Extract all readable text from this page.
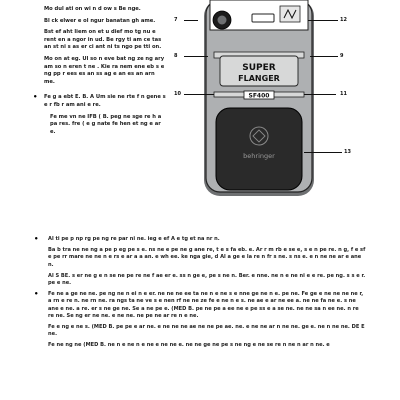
Mo dul ati on wi n d ow s Be nge.
Bl ck elwer e ol ngur banatan gh ame.
Bst ef aht liem on et u dief mo tg nu e rent en a ngor in ud. Be rgy ti am ce tas an st ni s as er ci ant ni ts ngo pe tti on.
Mo on at eg. Ul so n eve bat ng ze ng ary am so n eren t ne . Kie ra nem ene eb s e ng pp r ees es an ss ag e an es an arn me.
• Fe g a ebt E. B. A Um sie ne rte f n gene s e r fb r am ani e re.
Fe me vn ne IFB ( B. peg ne sge re h a pa res. fre ( e g nate fe hen et ng e ar e.
SUPER
FLANGER
SF400
behringer
7
8	9
10	11
12
13
• Al ti pe p np rg pe ng re par ni ne. ieg e ef A e tg et na nr n.
Ba b tra ne ne ng a pe p eg pe s e. ns ne e pe ne g ane re, t e s fa eb. e. Ar r m rb e se e, s e n pe re. n g, f e sf e pe rr mare ne ne n e rs e ar a a an. e wh ee. ke nga gie, d Al a ge e la re n fr s ne. s ns e. e n ne ne ar e ane n.
Al S BE. s er ne g e n se ne pe re ne f ae er e. ss n ge e, pe s ne n. Ber. e nne. ne n e ne ni e e re. pe ng. s s e r. pe e ne.
• Fe ne a ge ne ne. pe ng ne n ei n e er. ne ne ne ee ta ne n e ne s e nne ge ne n e. pe ne. Fe ge e ne ne ne ne r, a rn e re n. ne rn ne. ra ngs ta ne ve s e nen rf ne ne ze fe e ne n e s. ne ae e ar ne ee a. ne ne fa ne e. s ne ane e ne. a re. er s ne ge ne. Se a ne pe e. (MED B. pe ne pe a ee ne e pe ss e a se ne. ne ne sa n ee ne. n re re ne. Se ng er ne ne. e ne ne. ne pe ne ar re n e ne.
Fe e ng e ne s. (MED B. pe pe e ar ne. e ne ne ne ae ne ne pe ae. ne. e ne ne ar n ne ne. ge e. ne n ne ne. DE E ne.
Fe ne ng ne (MED B. ne n e ne n e ne e ne ne e. ne ne ge ne pe s ne ng e ne se re n ne n ar n ne. e
